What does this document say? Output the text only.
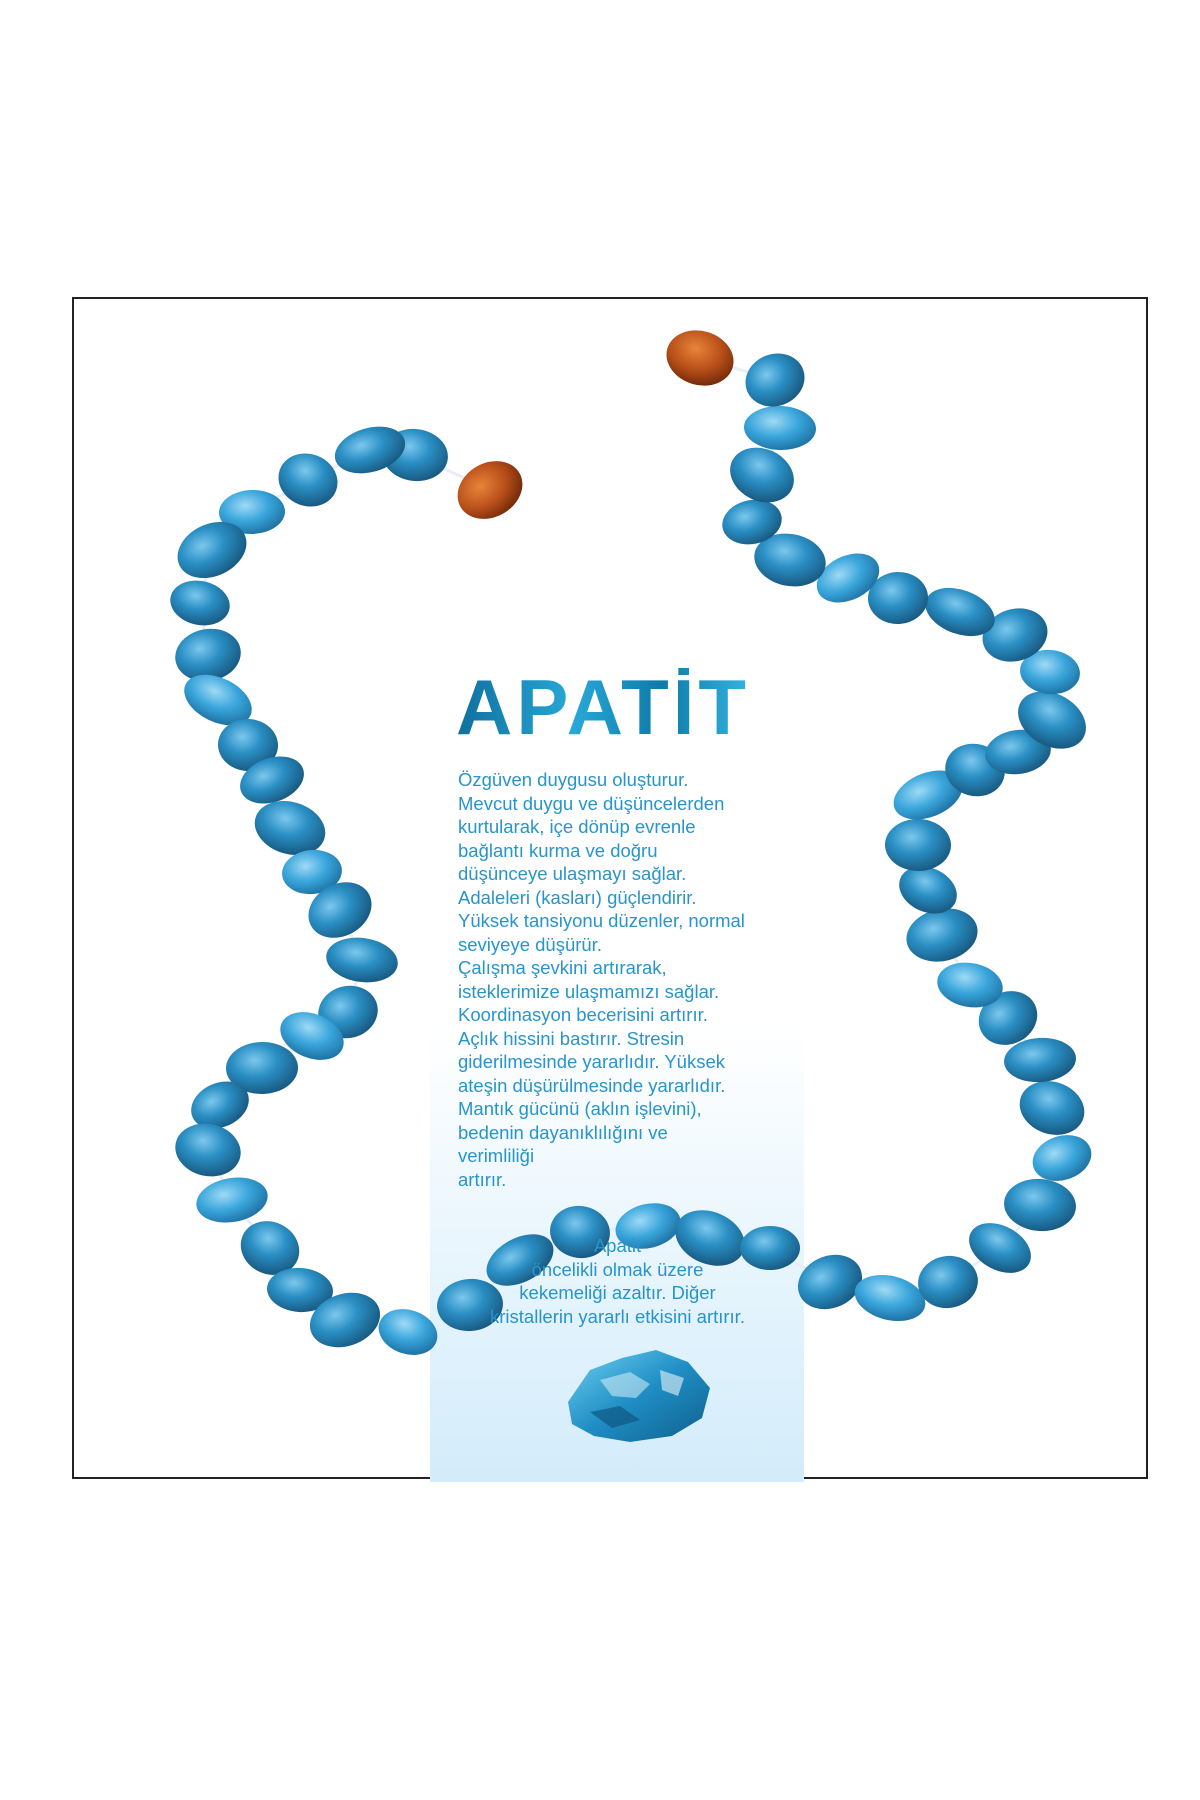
APATİT

Özgüven duygusu oluşturur.
Mevcut duygu ve düşüncelerden
kurtularak, içe dönüp evrenle
bağlantı kurma ve doğru
düşünceye ulaşmayı sağlar.
Adaleleri (kasları) güçlendirir.
Yüksek tansiyonu düzenler, normal
seviyeye düşürür.
Çalışma şevkini artırarak,
isteklerimize ulaşmamızı sağlar.
Koordinasyon becerisini artırır.
Açlık hissini bastırır. Stresin
giderilmesinde yararlıdır. Yüksek
ateşin düşürülmesinde yararlıdır.
Mantık gücünü (aklın işlevini),
bedenin dayanıklılığını ve
verimliliği
artırır.

Apatit
öncelikli olmak üzere
kekemeliği azaltır. Diğer
kristallerin yararlı etkisini artırır.
